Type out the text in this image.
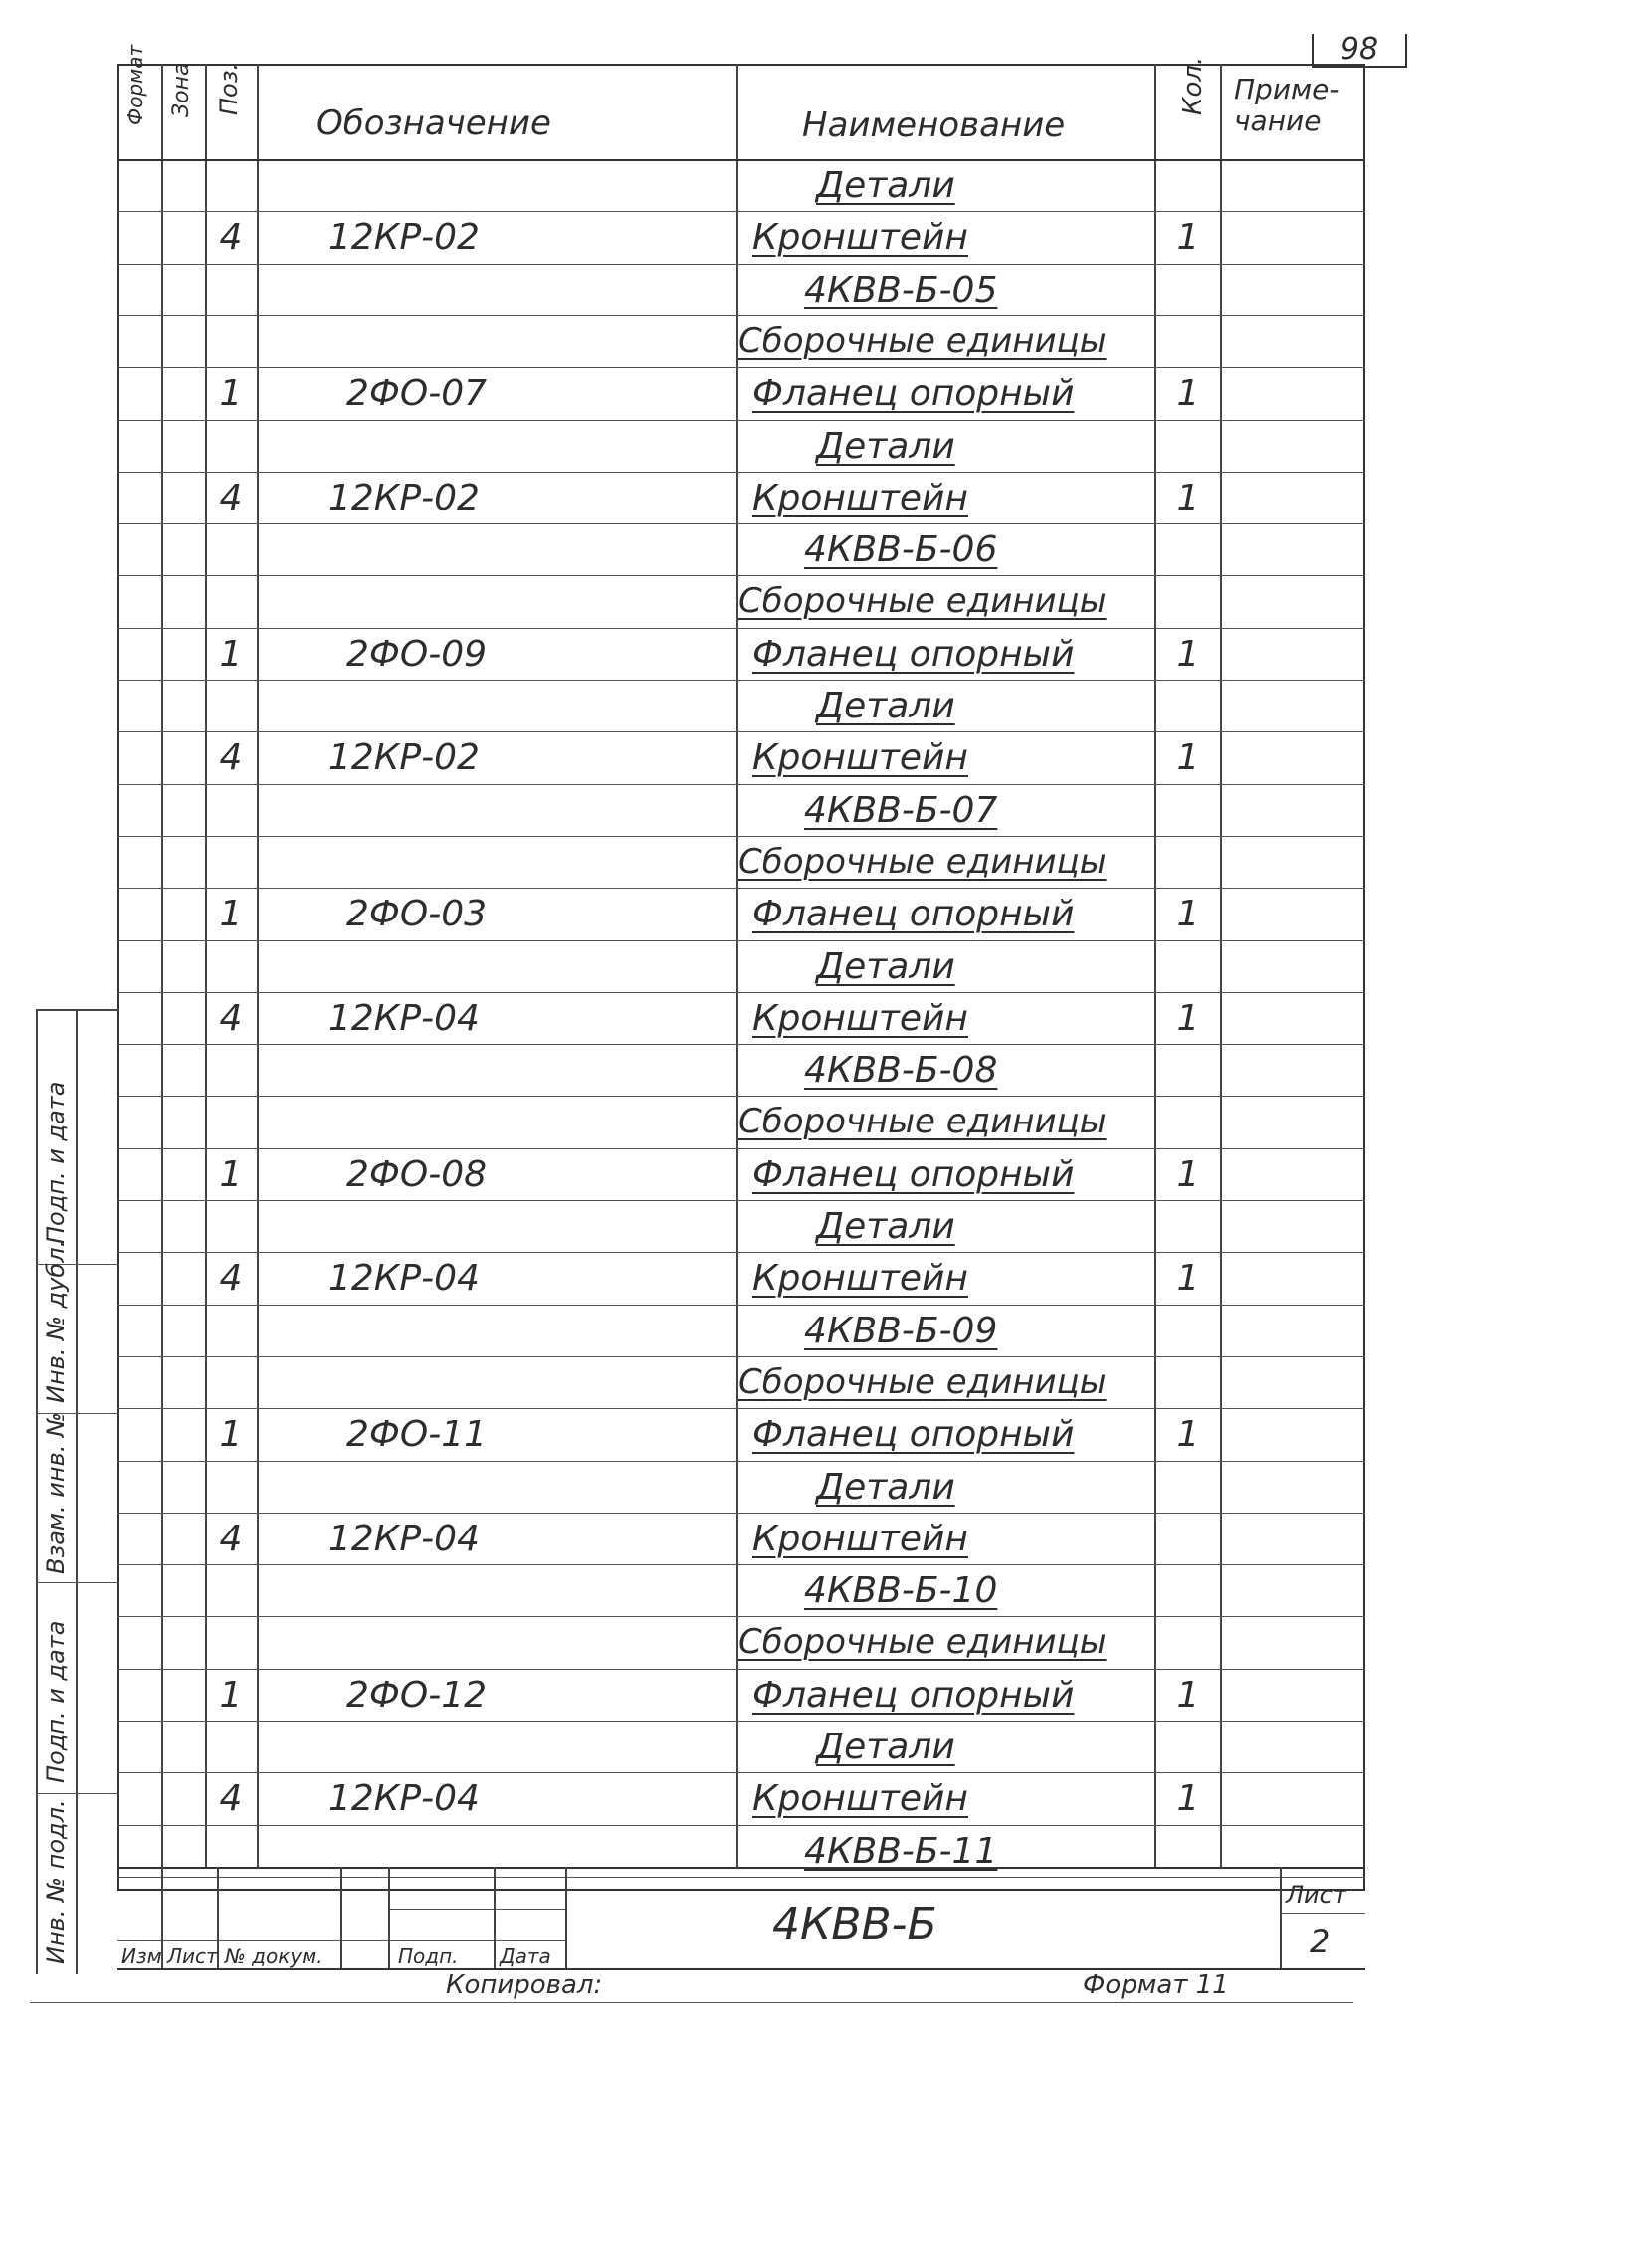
98
Формат Зона Поз.
Обозначение	Наименование
Кол. Приме-
чание
Детали
4	12КР-02	Кронштейн	1
4КВВ-Б-05
Сборочные единицы
1	2ФО-07	Фланец опорный	1
Детали
4	12КР-02	Кронштейн	1
4КВВ-Б-06
Сборочные единицы
1	2ФО-09	Фланец опорный	1
Детали
4	12КР-02	Кронштейн	1
4КВВ-Б-07
Сборочные единицы
1	2ФО-03	Фланец опорный	1
Детали
4	12КР-04	Кронштейн	1
4КВВ-Б-08
Сборочные единицы
1	2ФО-08	Фланец опорный	1
Детали
4	12КР-04	Кронштейн	1
4КВВ-Б-09
Сборочные единицы
1	2ФО-11	Фланец опорный	1
Детали
4	12КР-04	Кронштейн
4КВВ-Б-10
Сборочные единицы
1	2ФО-12	Фланец опорный	1
Детали
4	12КР-04	Кронштейн	1
4КВВ-Б-11
Подп. и дата
Инв. № дубл.
Взам. инв. №
Подп. и дата
Инв. № подл.	4КВВ-Б
Лист
2
Изм Лист № докум.	Подп. Дата
Копировал:	Формат 11
